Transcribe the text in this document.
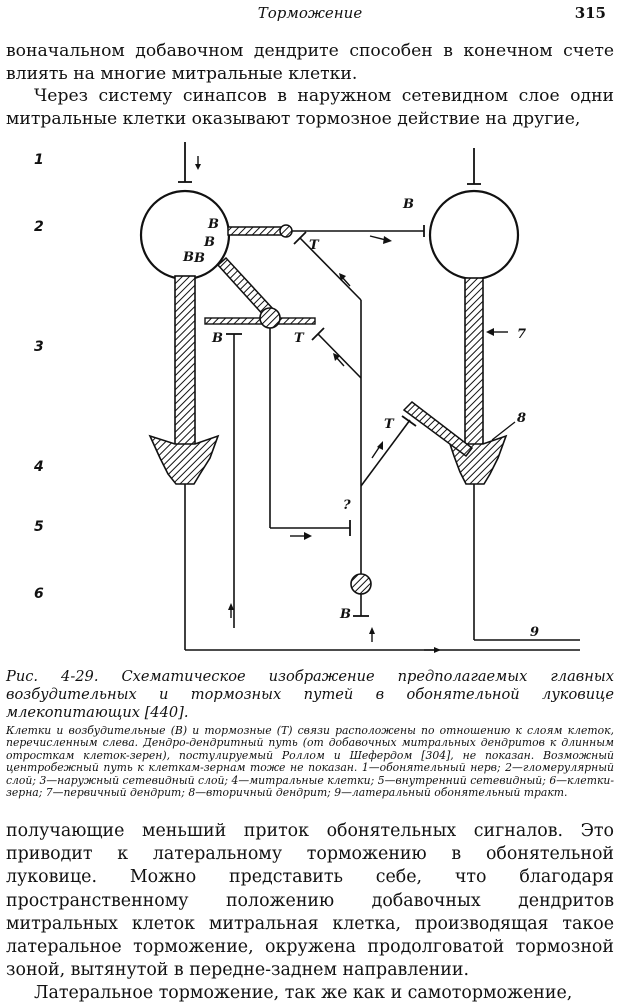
Торможение	315

воначальном добавочном дендрите способен в конечном счете влиять на многие митральные клетки.

Через систему синапсов в наружном сетевидном слое одни митральные клетки оказывают тормозное действие на другие,

1
2
3
4
5
6
B
B
B
B
B
B
B
T
T
T
?
7
8
9

Рис. 4-29. Схематическое изображение предполагаемых главных возбудительных и тормозных путей в обонятельной луковице млекопитающих [440].

Клетки и возбудительные (В) и тормозные (Т) связи расположены по отношению к слоям клеток, перечисленным слева. Дендро-дендритный путь (от добавочных митральных дендритов к длинным отросткам клеток-зерен), постулируемый Роллом и Шефердом [304], не показан. Возможный центробежный путь к клеткам-зернам тоже не показан. 1—обонятельный нерв; 2—гломерулярный слой; 3—наружный сетевидный слой; 4—митральные клетки; 5—внутренний сетевидный; 6—клетки-зерна; 7—первичный дендрит; 8—вторичный дендрит; 9—латеральный обонятельный тракт.

получающие меньший приток обонятельных сигналов. Это приводит к латеральному торможению в обонятельной луковице. Можно представить себе, что благодаря пространственному положению добавочных дендритов митральных клеток митральная клетка, производящая такое латеральное торможение, окружена продолговатой тормозной зоной, вытянутой в передне-заднем направлении.

Латеральное торможение, так же как и самоторможение,
